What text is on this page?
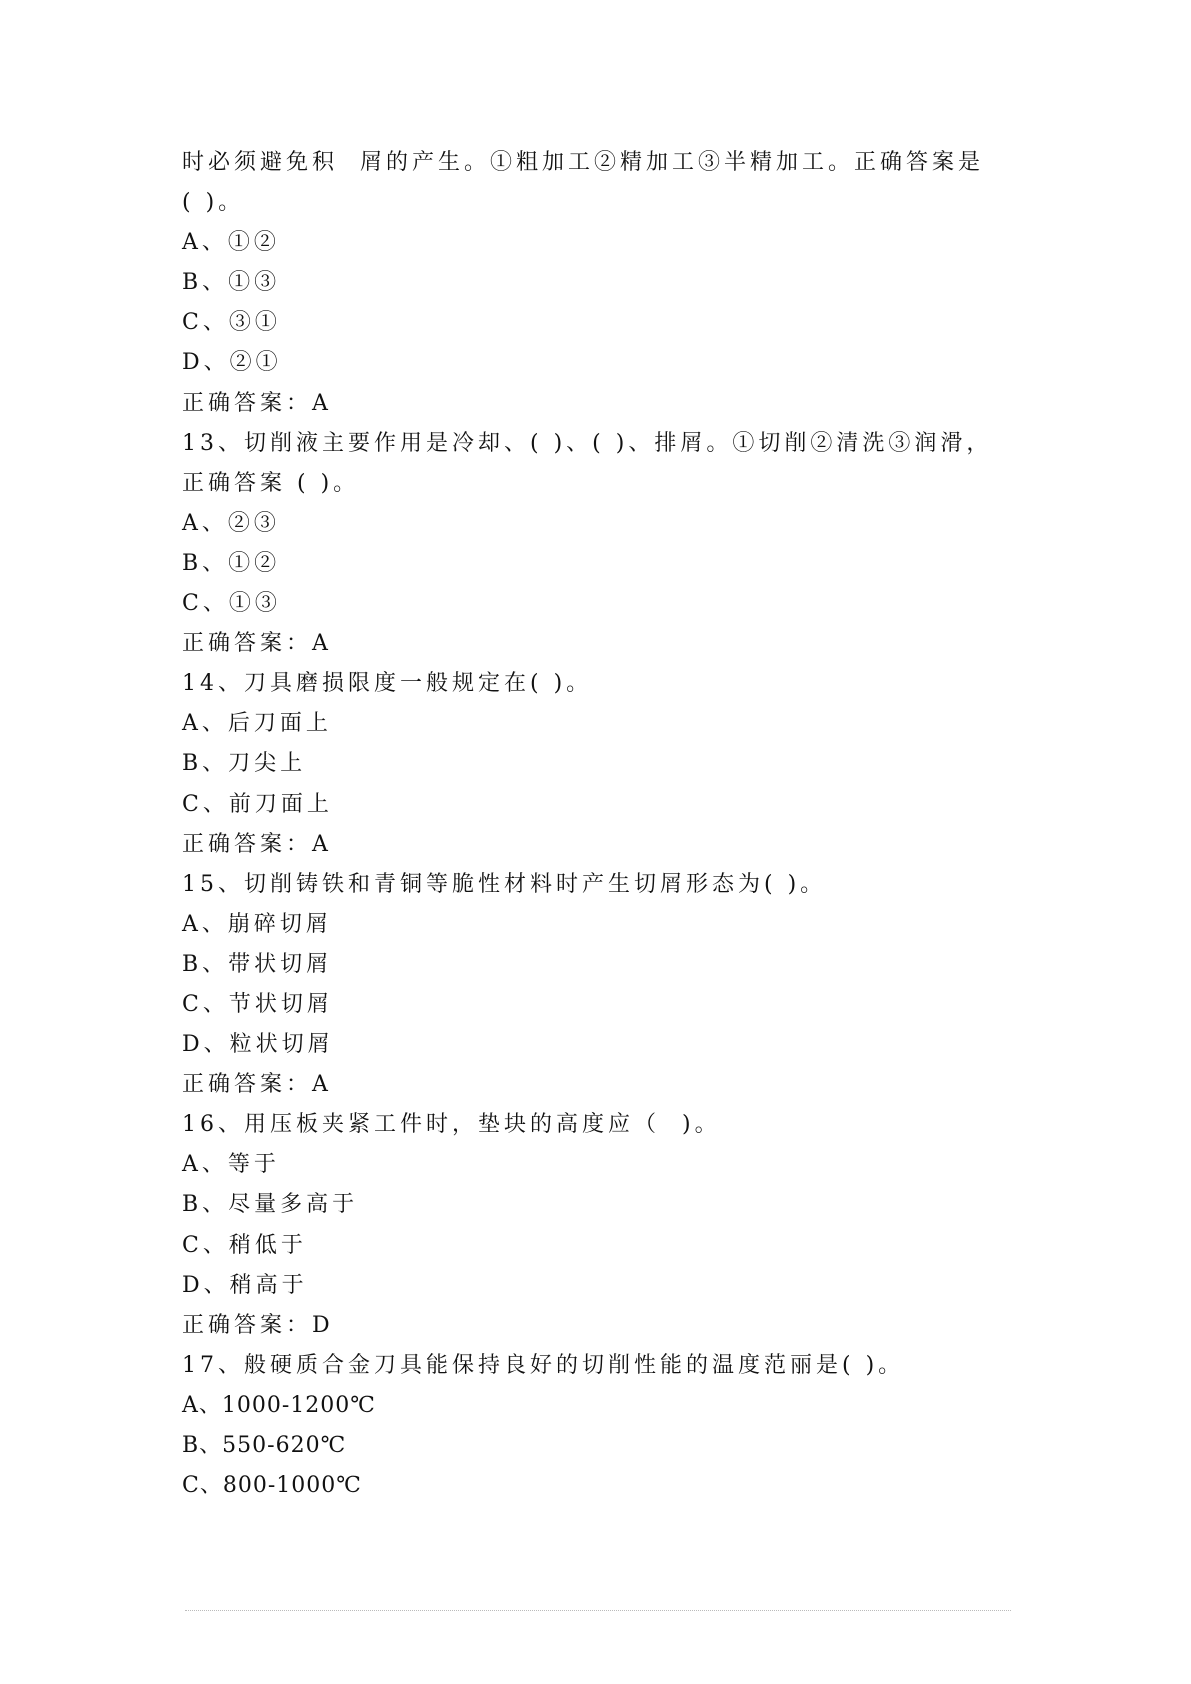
时必须避免积  屑的产生。①粗加工②精加工③半精加工。正确答案是
( )。
A、①②
B、①③
C、③①
D、②①
正确答案：A
13、切削液主要作用是冷却、( )、( )、排屑。①切削②清洗③润滑，
正确答案 ( )。
A、②③
B、①②
C、①③
正确答案：A
14、刀具磨损限度一般规定在( )。
A、后刀面上
B、刀尖上
C、前刀面上
正确答案：A
15、切削铸铁和青铜等脆性材料时产生切屑形态为( )。
A、崩碎切屑
B、带状切屑
C、节状切屑
D、粒状切屑
正确答案：A
16、用压板夹紧工件时，垫块的高度应（  )。
A、等于
B、尽量多高于
C、稍低于
D、稍高于
正确答案：D
17、般硬质合金刀具能保持良好的切削性能的温度范丽是( )。
A、1000-1200℃
B、550-620℃
C、800-1000℃
